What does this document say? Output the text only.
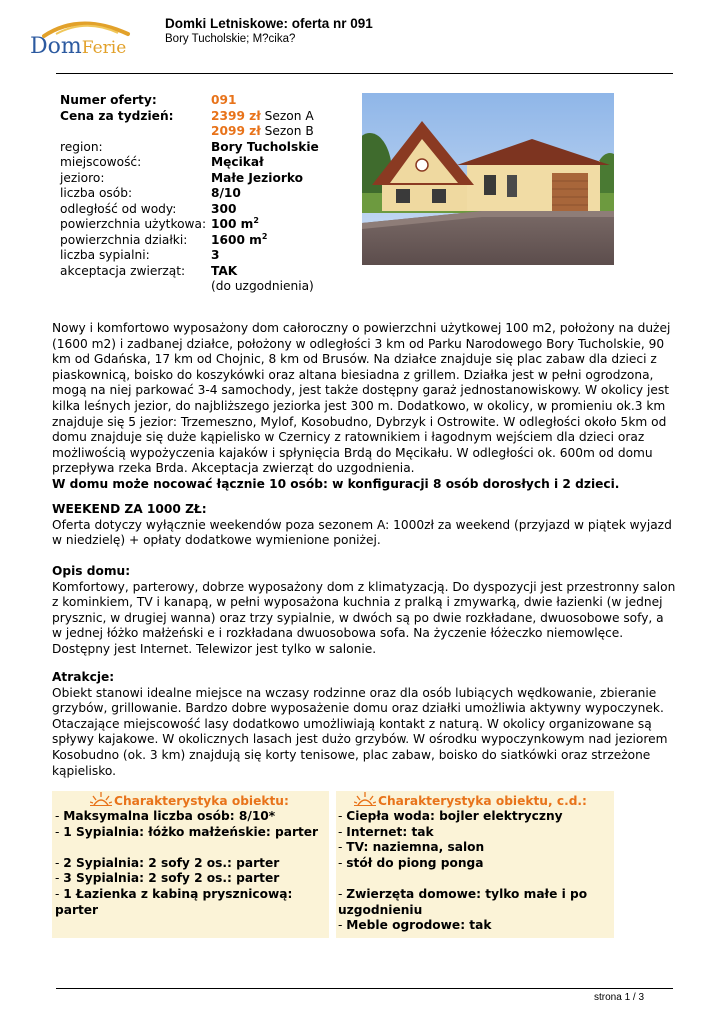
DomFerie
Domki Letniskowe: oferta nr 091
Bory Tucholskie; M?cika?
Numer oferty:	091
Cena za tydzień:	2399 zł Sezon A
2099 zł Sezon B
region:	Bory Tucholskie
miejscowość:	Męcikał
jezioro:	Małe Jeziorko
liczba osób:	8/10
odległość od wody:	300
powierzchnia użytkowa: 100 $m^2$
powierzchnia działki: 1600 $m^2$
liczba sypialni:	3
akceptacja zwierząt: TAK
(do uzgodnienia)

Nowy i komfortowo wyposażony dom całoroczny o powierzchni użytkowej 100 m2, położony na dużej (1600 m2) i zadbanej działce, położony w odległości 3 km od Parku Narodowego Bory Tucholskie, 90 km od Gdańska, 17 km od Chojnic, 8 km od Brusów. Na działce znajduje się plac zabaw dla dzieci z piaskownicą, boisko do koszykówki oraz altana biesiadna z grillem. Działka jest w pełni ogrodzona, mogą na niej parkować 3-4 samochody, jest także dostępny garaż jednostanowiskowy. W okolicy jest kilka leśnych jezior, do najbliższego jeziorka jest 300 m. Dodatkowo, w okolicy, w promieniu ok.3 km znajduje się 5 jezior: Trzemeszno, Mylof, Kosobudno, Dybrzyk i Ostrowite. W odległości około 5km od domu znajduje się duże kąpielisko w Czernicy z ratownikiem i łagodnym wejściem dla dzieci oraz możliwością wypożyczenia kajaków i spłynięcia Brdą do Męcikału. W odległości ok. 600m od domu przepływa rzeka Brda. Akceptacja zwierząt do uzgodnienia.

W domu może nocować łącznie 10 osób: w konfiguracji 8 osób dorosłych i 2 dzieci.

WEEKEND ZA 1000 ZŁ:

Oferta dotyczy wyłącznie weekendów poza sezonem A: 1000zł za weekend (przyjazd w piątek wyjazd w niedzielę) + opłaty dodatkowe wymienione poniżej.

Opis domu:

Komfortowy, parterowy, dobrze wyposażony dom z klimatyzacją. Do dyspozycji jest przestronny salon z kominkiem, TV i kanapą, w pełni wyposażona kuchnia z pralką i zmywarką, dwie łazienki (w jednej prysznic, w drugiej wanna) oraz trzy sypialnie, w dwóch są po dwie rozkładane, dwuosobowe sofy, a w jednej łóżko małżeński e i rozkładana dwuosobowa sofa. Na życzenie łóżeczko niemowlęce. Dostępny jest Internet. Telewizor jest tylko w salonie.

Atrakcje:

Obiekt stanowi idealne miejsce na wczasy rodzinne oraz dla osób lubiących wędkowanie, zbieranie grzybów, grillowanie. Bardzo dobre wyposażenie domu oraz działki umożliwia aktywny wypoczynek. Otaczające miejscowość lasy dodatkowo umożliwiają kontakt z naturą. W okolicy organizowane są spływy kajakowe. W okolicznych lasach jest dużo grzybów. W ośrodku wypoczynkowym nad jeziorem Kosobudno (ok. 3 km) znajdują się korty tenisowe, plac zabaw, boisko do siatkówki oraz strzeżone kąpielisko.

Charakterystyka obiektu:
- Maksymalna liczba osób: 8/10*
- 1 Sypialnia: łóżko małżeńskie: parter
- 2 Sypialnia: 2 sofy 2 os.: parter
- 3 Sypialnia: 2 sofy 2 os.: parter
- 1 Łazienka z kabiną prysznicową: parter
Charakterystyka obiektu, c.d.:
- Ciepła woda: bojler elektryczny
- Internet: tak
- TV: naziemna, salon
- stół do piong ponga
- Zwierzęta domowe: tylko małe i po uzgodnieniu
- Meble ogrodowe: tak
strona 1 / 3
